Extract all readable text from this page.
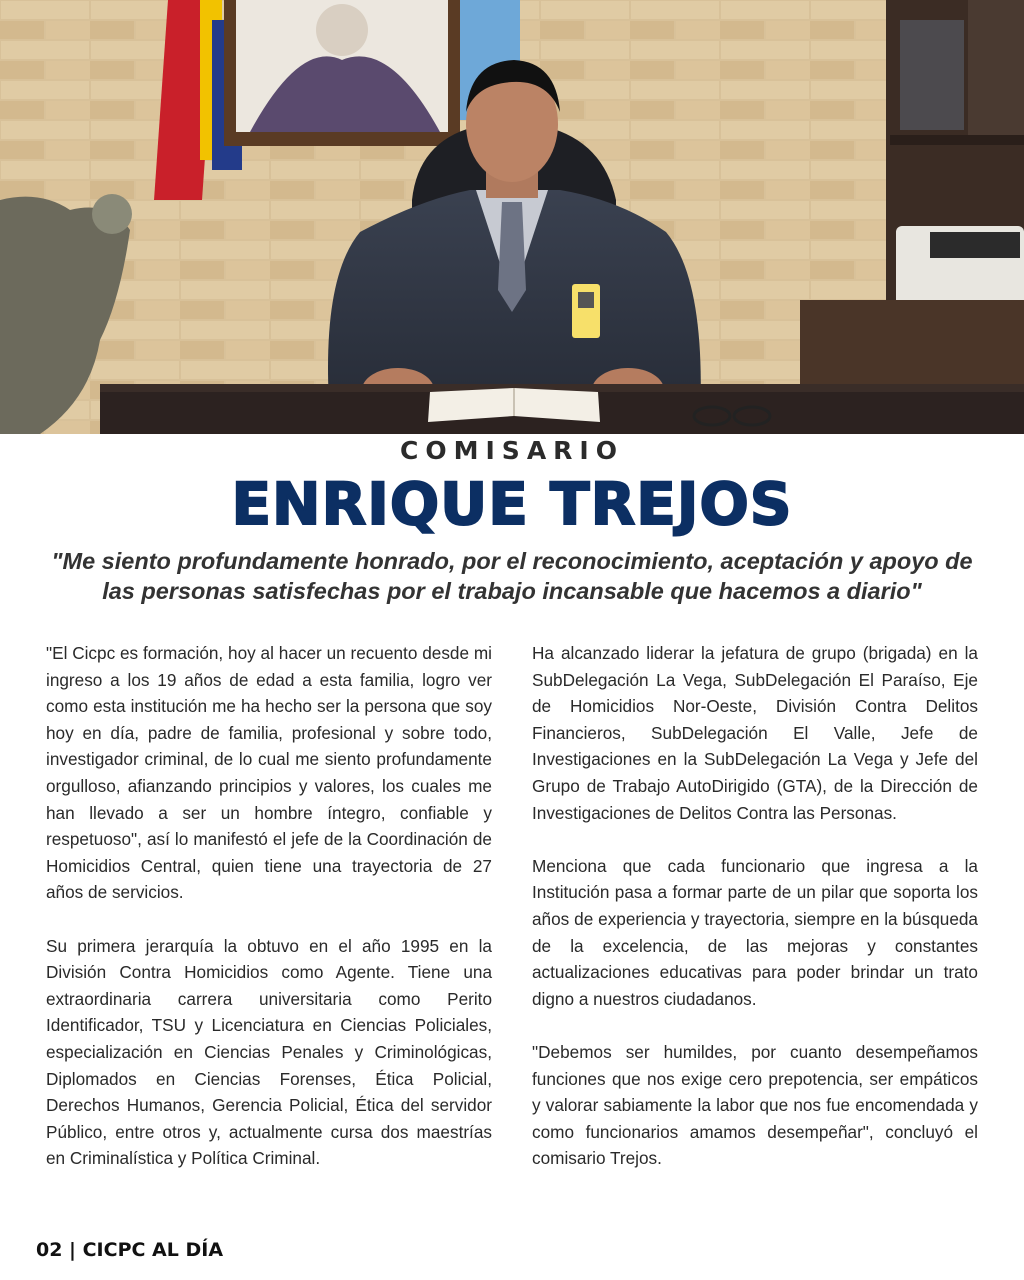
COMISARIO
ENRIQUE TREJOS
"Me siento profundamente honrado, por el reconocimiento, aceptación y apoyo de las personas satisfechas por el trabajo incansable que hacemos a diario"

"El Cicpc es formación, hoy al hacer un recuento desde mi ingreso a los 19 años de edad a esta familia, logro ver como esta institución me ha hecho ser la persona que soy hoy en día, padre de familia, profesional y sobre todo, investigador criminal, de lo cual me siento profundamente orgulloso, afianzando principios y valores, los cuales me han llevado a ser un hombre íntegro, confiable y respetuoso", así lo manifestó el jefe de la Coordinación de Homicidios Central, quien tiene una trayectoria de 27 años de servicios.

Su primera jerarquía la obtuvo en el año 1995 en la División Contra Homicidios como Agente. Tiene una extraordinaria carrera universitaria como Perito Identificador, TSU y Licenciatura en Ciencias Policiales, especialización en Ciencias Penales y Criminológicas, Diplomados en Ciencias Forenses, Ética Policial, Derechos Humanos, Gerencia Policial, Ética del servidor Público, entre otros y, actualmente cursa dos maestrías en Criminalística y Política Criminal.

Ha alcanzado liderar la jefatura de grupo (brigada) en la SubDelegación La Vega, SubDelegación El Paraíso, Eje de Homicidios Nor-Oeste, División Contra Delitos Financieros, SubDelegación El Valle, Jefe de Investigaciones en la SubDelegación La Vega y Jefe del Grupo de Trabajo AutoDirigido (GTA), de la Dirección de Investigaciones de Delitos Contra las Personas.

Menciona que cada funcionario que ingresa a la Institución pasa a formar parte de un pilar que soporta los años de experiencia y trayectoria, siempre en la búsqueda de la excelencia, de las mejoras y constantes actualizaciones educativas para poder brindar un trato digno a nuestros ciudadanos.

"Debemos ser humildes, por cuanto desempeñamos funciones que nos exige cero prepotencia, ser empáticos y valorar sabiamente la labor que nos fue encomendada y como funcionarios amamos desempeñar", concluyó el comisario Trejos.

02 | CICPC AL DÍA
